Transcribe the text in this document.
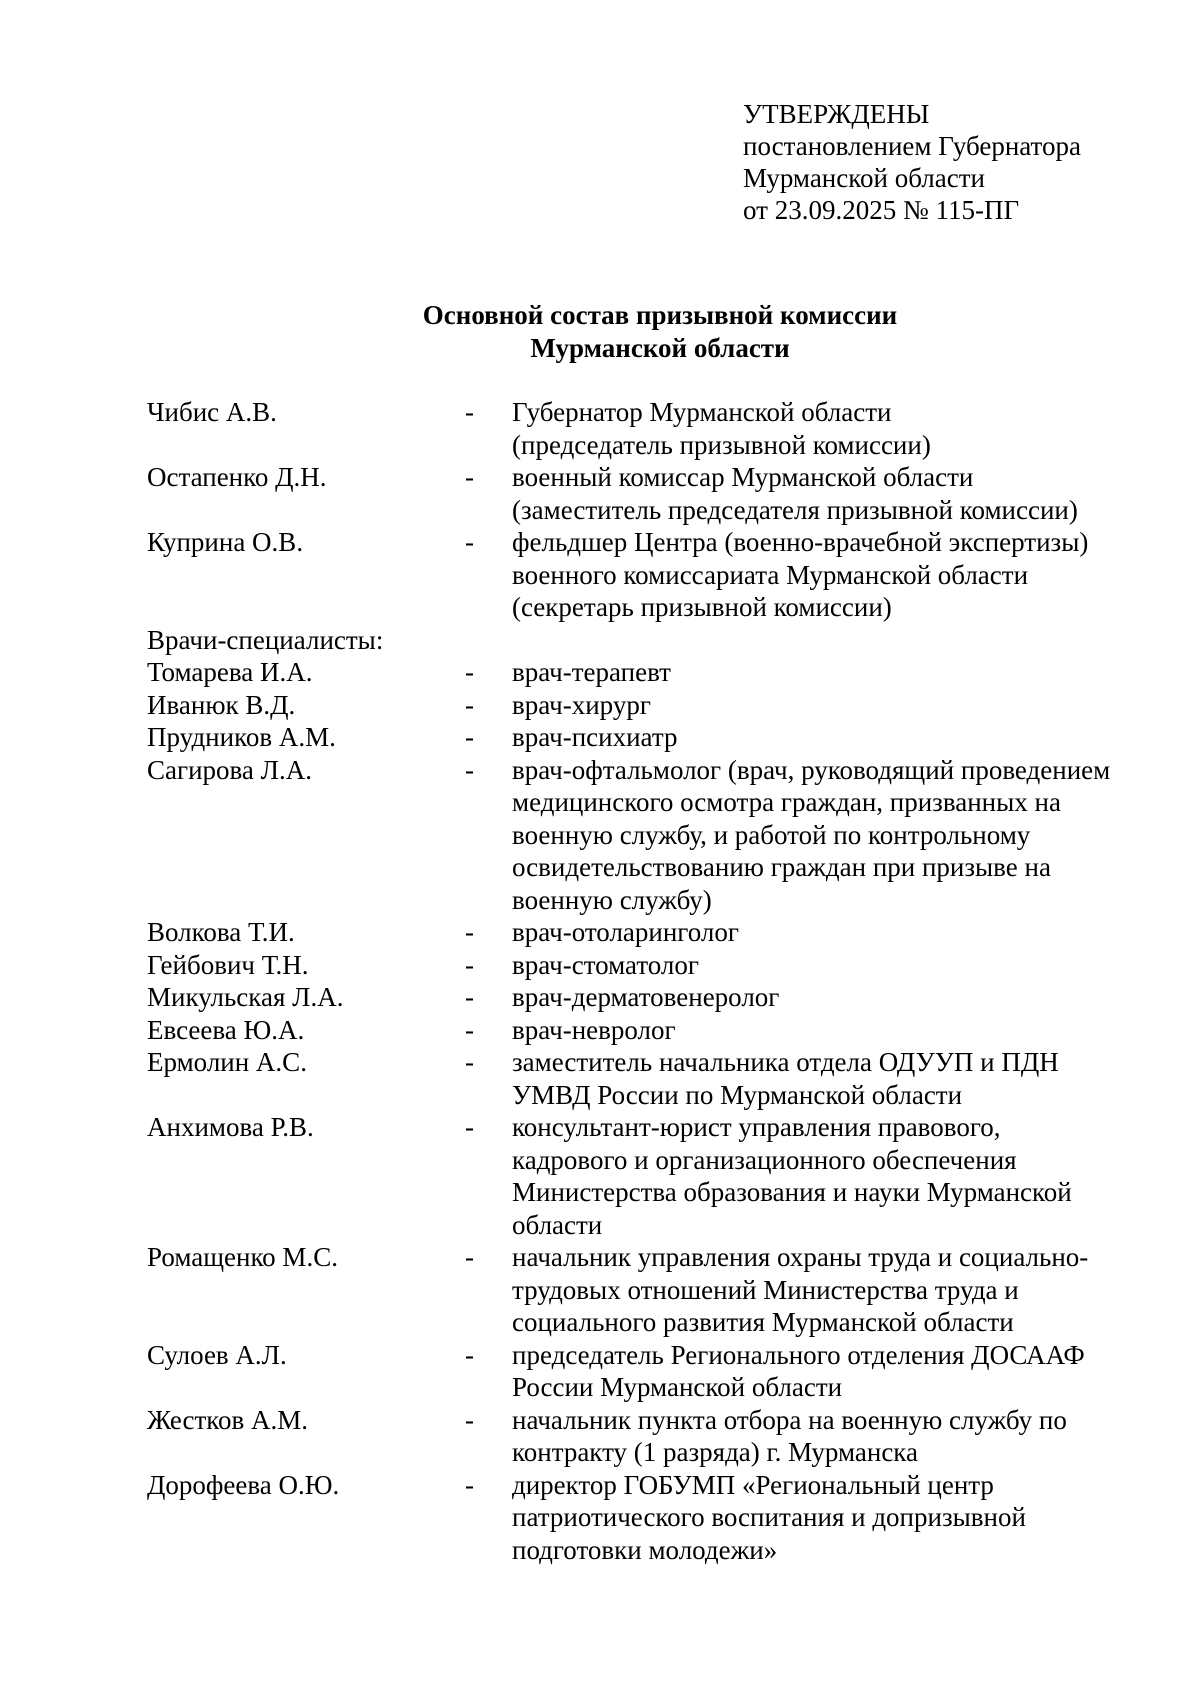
УТВЕРЖДЕНЫ
постановлением Губернатора
Мурманской области
от 23.09.2025 № 115-ПГ
Основной состав призывной комиссии
Мурманской области
Чибис А.В.	-	Губернатор Мурманской области
(председатель призывной комиссии)
Остапенко Д.Н.	-	военный комиссар Мурманской области
(заместитель председателя призывной комиссии)
Куприна О.В.	-	фельдшер Центра (военно-врачебной экспертизы)
военного комиссариата Мурманской области
(секретарь призывной комиссии)
Врачи-специалисты:
Томарева И.А.	-	врач-терапевт
Иванюк В.Д.	-	врач-хирург
Прудников А.М.	-	врач-психиатр
Сагирова Л.А.	-	врач-офтальмолог (врач, руководящий проведением
медицинского осмотра граждан, призванных на
военную службу, и работой по контрольному
освидетельствованию граждан при призыве на
военную службу)
Волкова Т.И.	-	врач-отоларинголог
Гейбович Т.Н.	-	врач-стоматолог
Микульская Л.А.	-	врач-дерматовенеролог
Евсеева Ю.А.	-	врач-невролог
Ермолин А.С.	-	заместитель начальника отдела ОДУУП и ПДН
УМВД России по Мурманской области
Анхимова Р.В.	-	консультант-юрист управления правового,
кадрового и организационного обеспечения
Министерства образования и науки Мурманской
области
Ромащенко М.С.	-	начальник управления охраны труда и социально-
трудовых отношений Министерства труда и
социального развития Мурманской области
Сулоев А.Л.	-	председатель Регионального отделения ДОСААФ
России Мурманской области
Жестков А.М.	-	начальник пункта отбора на военную службу по
контракту (1 разряда) г. Мурманска
Дорофеева О.Ю.	-	директор ГОБУМП «Региональный центр
патриотического воспитания и допризывной
подготовки молодежи»
